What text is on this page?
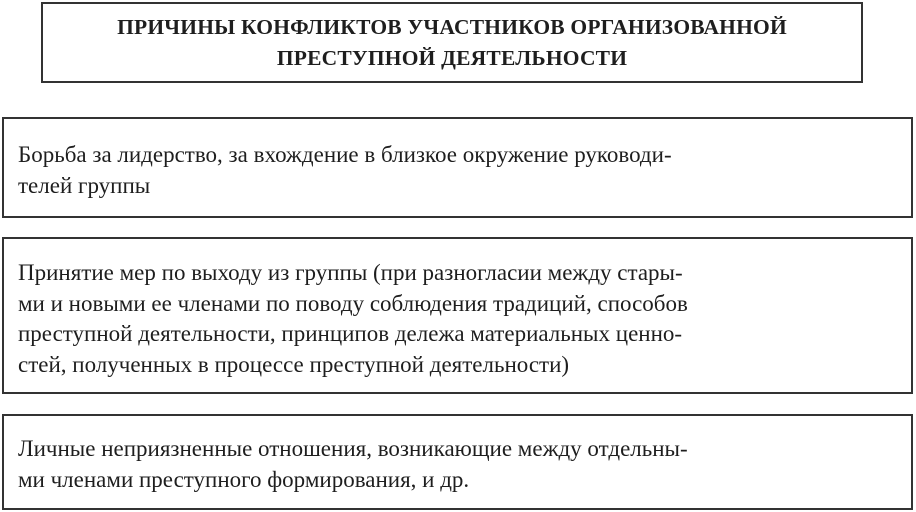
ПРИЧИНЫ КОНФЛИКТОВ УЧАСТНИКОВ ОРГАНИЗОВАННОЙ
ПРЕСТУПНОЙ ДЕЯТЕЛЬНОСТИ
Борьба за лидерство, за вхождение в близкое окружение руководи-
телей группы
Принятие мер по выходу из группы (при разногласии между стары-
ми и новыми ее членами по поводу соблюдения традиций, способов
преступной деятельности, принципов дележа материальных ценно-
стей, полученных в процессе преступной деятельности)
Личные неприязненные отношения, возникающие между отдельны-
ми членами преступного формирования, и др.
